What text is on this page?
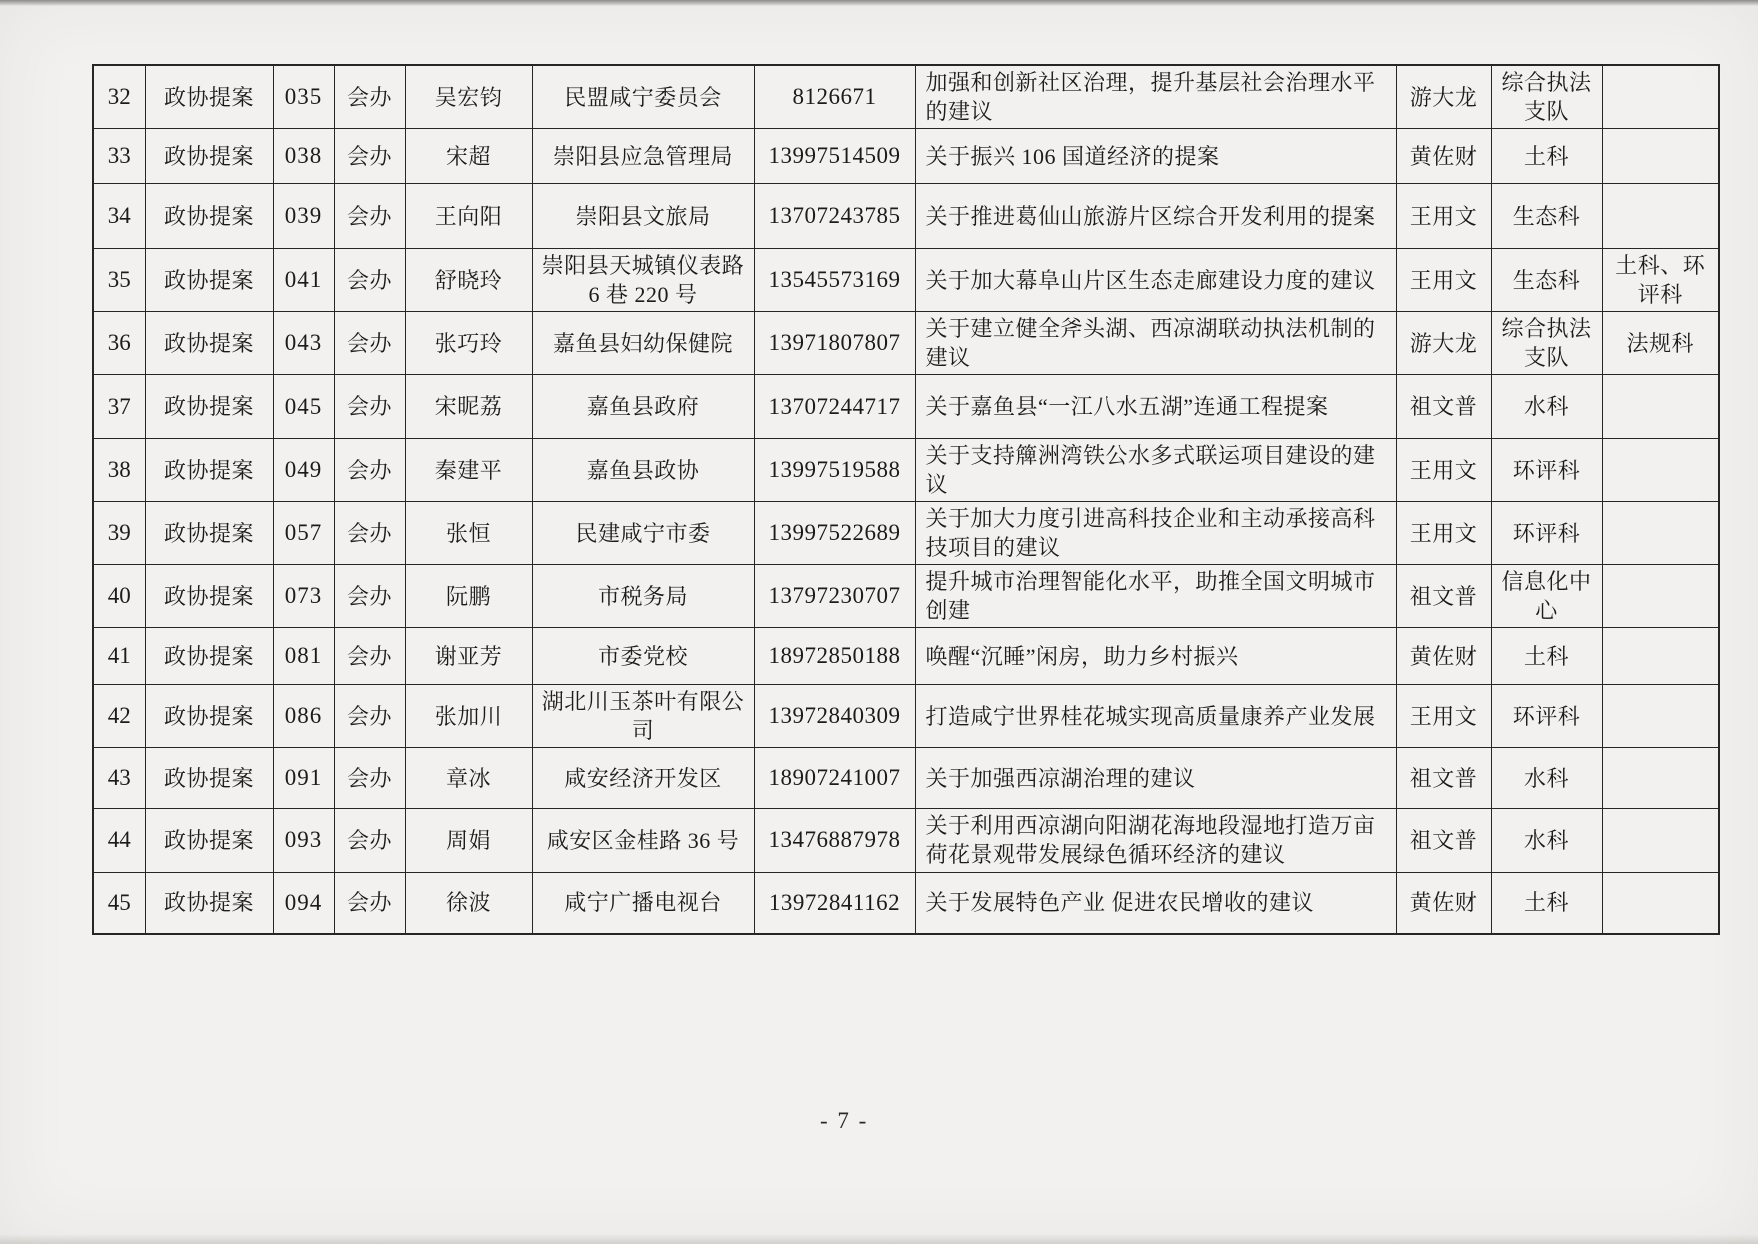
32	政协提案	035	会办	吴宏钧	民盟咸宁委员会	8126671	加强和创新社区治理，提升基层社会治理水平的建议	游大龙	综合执法支队	
33	政协提案	038	会办	宋超	崇阳县应急管理局	13997514509	关于振兴 106 国道经济的提案	黄佐财	土科	
34	政协提案	039	会办	王向阳	崇阳县文旅局	13707243785	关于推进葛仙山旅游片区综合开发利用的提案	王用文	生态科	
35	政协提案	041	会办	舒晓玲	崇阳县天城镇仪表路 6 巷 220 号	13545573169	关于加大幕阜山片区生态走廊建设力度的建议	王用文	生态科	土科、环评科
36	政协提案	043	会办	张巧玲	嘉鱼县妇幼保健院	13971807807	关于建立健全斧头湖、西凉湖联动执法机制的建议	游大龙	综合执法支队	法规科
37	政协提案	045	会办	宋昵荔	嘉鱼县政府	13707244717	关于嘉鱼县“一江八水五湖”连通工程提案	祖文普	水科	
38	政协提案	049	会办	秦建平	嘉鱼县政协	13997519588	关于支持簰洲湾铁公水多式联运项目建设的建议	王用文	环评科	
39	政协提案	057	会办	张恒	民建咸宁市委	13997522689	关于加大力度引进高科技企业和主动承接高科技项目的建议	王用文	环评科	
40	政协提案	073	会办	阮鹏	市税务局	13797230707	提升城市治理智能化水平，助推全国文明城市创建	祖文普	信息化中心	
41	政协提案	081	会办	谢亚芳	市委党校	18972850188	唤醒“沉睡”闲房，助力乡村振兴	黄佐财	土科	
42	政协提案	086	会办	张加川	湖北川玉茶叶有限公司	13972840309	打造咸宁世界桂花城实现高质量康养产业发展	王用文	环评科	
43	政协提案	091	会办	章冰	咸安经济开发区	18907241007	关于加强西凉湖治理的建议	祖文普	水科	
44	政协提案	093	会办	周娟	咸安区金桂路 36 号	13476887978	关于利用西凉湖向阳湖花海地段湿地打造万亩荷花景观带发展绿色循环经济的建议	祖文普	水科	
45	政协提案	094	会办	徐波	咸宁广播电视台	13972841162	关于发展特色产业 促进农民增收的建议	黄佐财	土科	
- 7 -
